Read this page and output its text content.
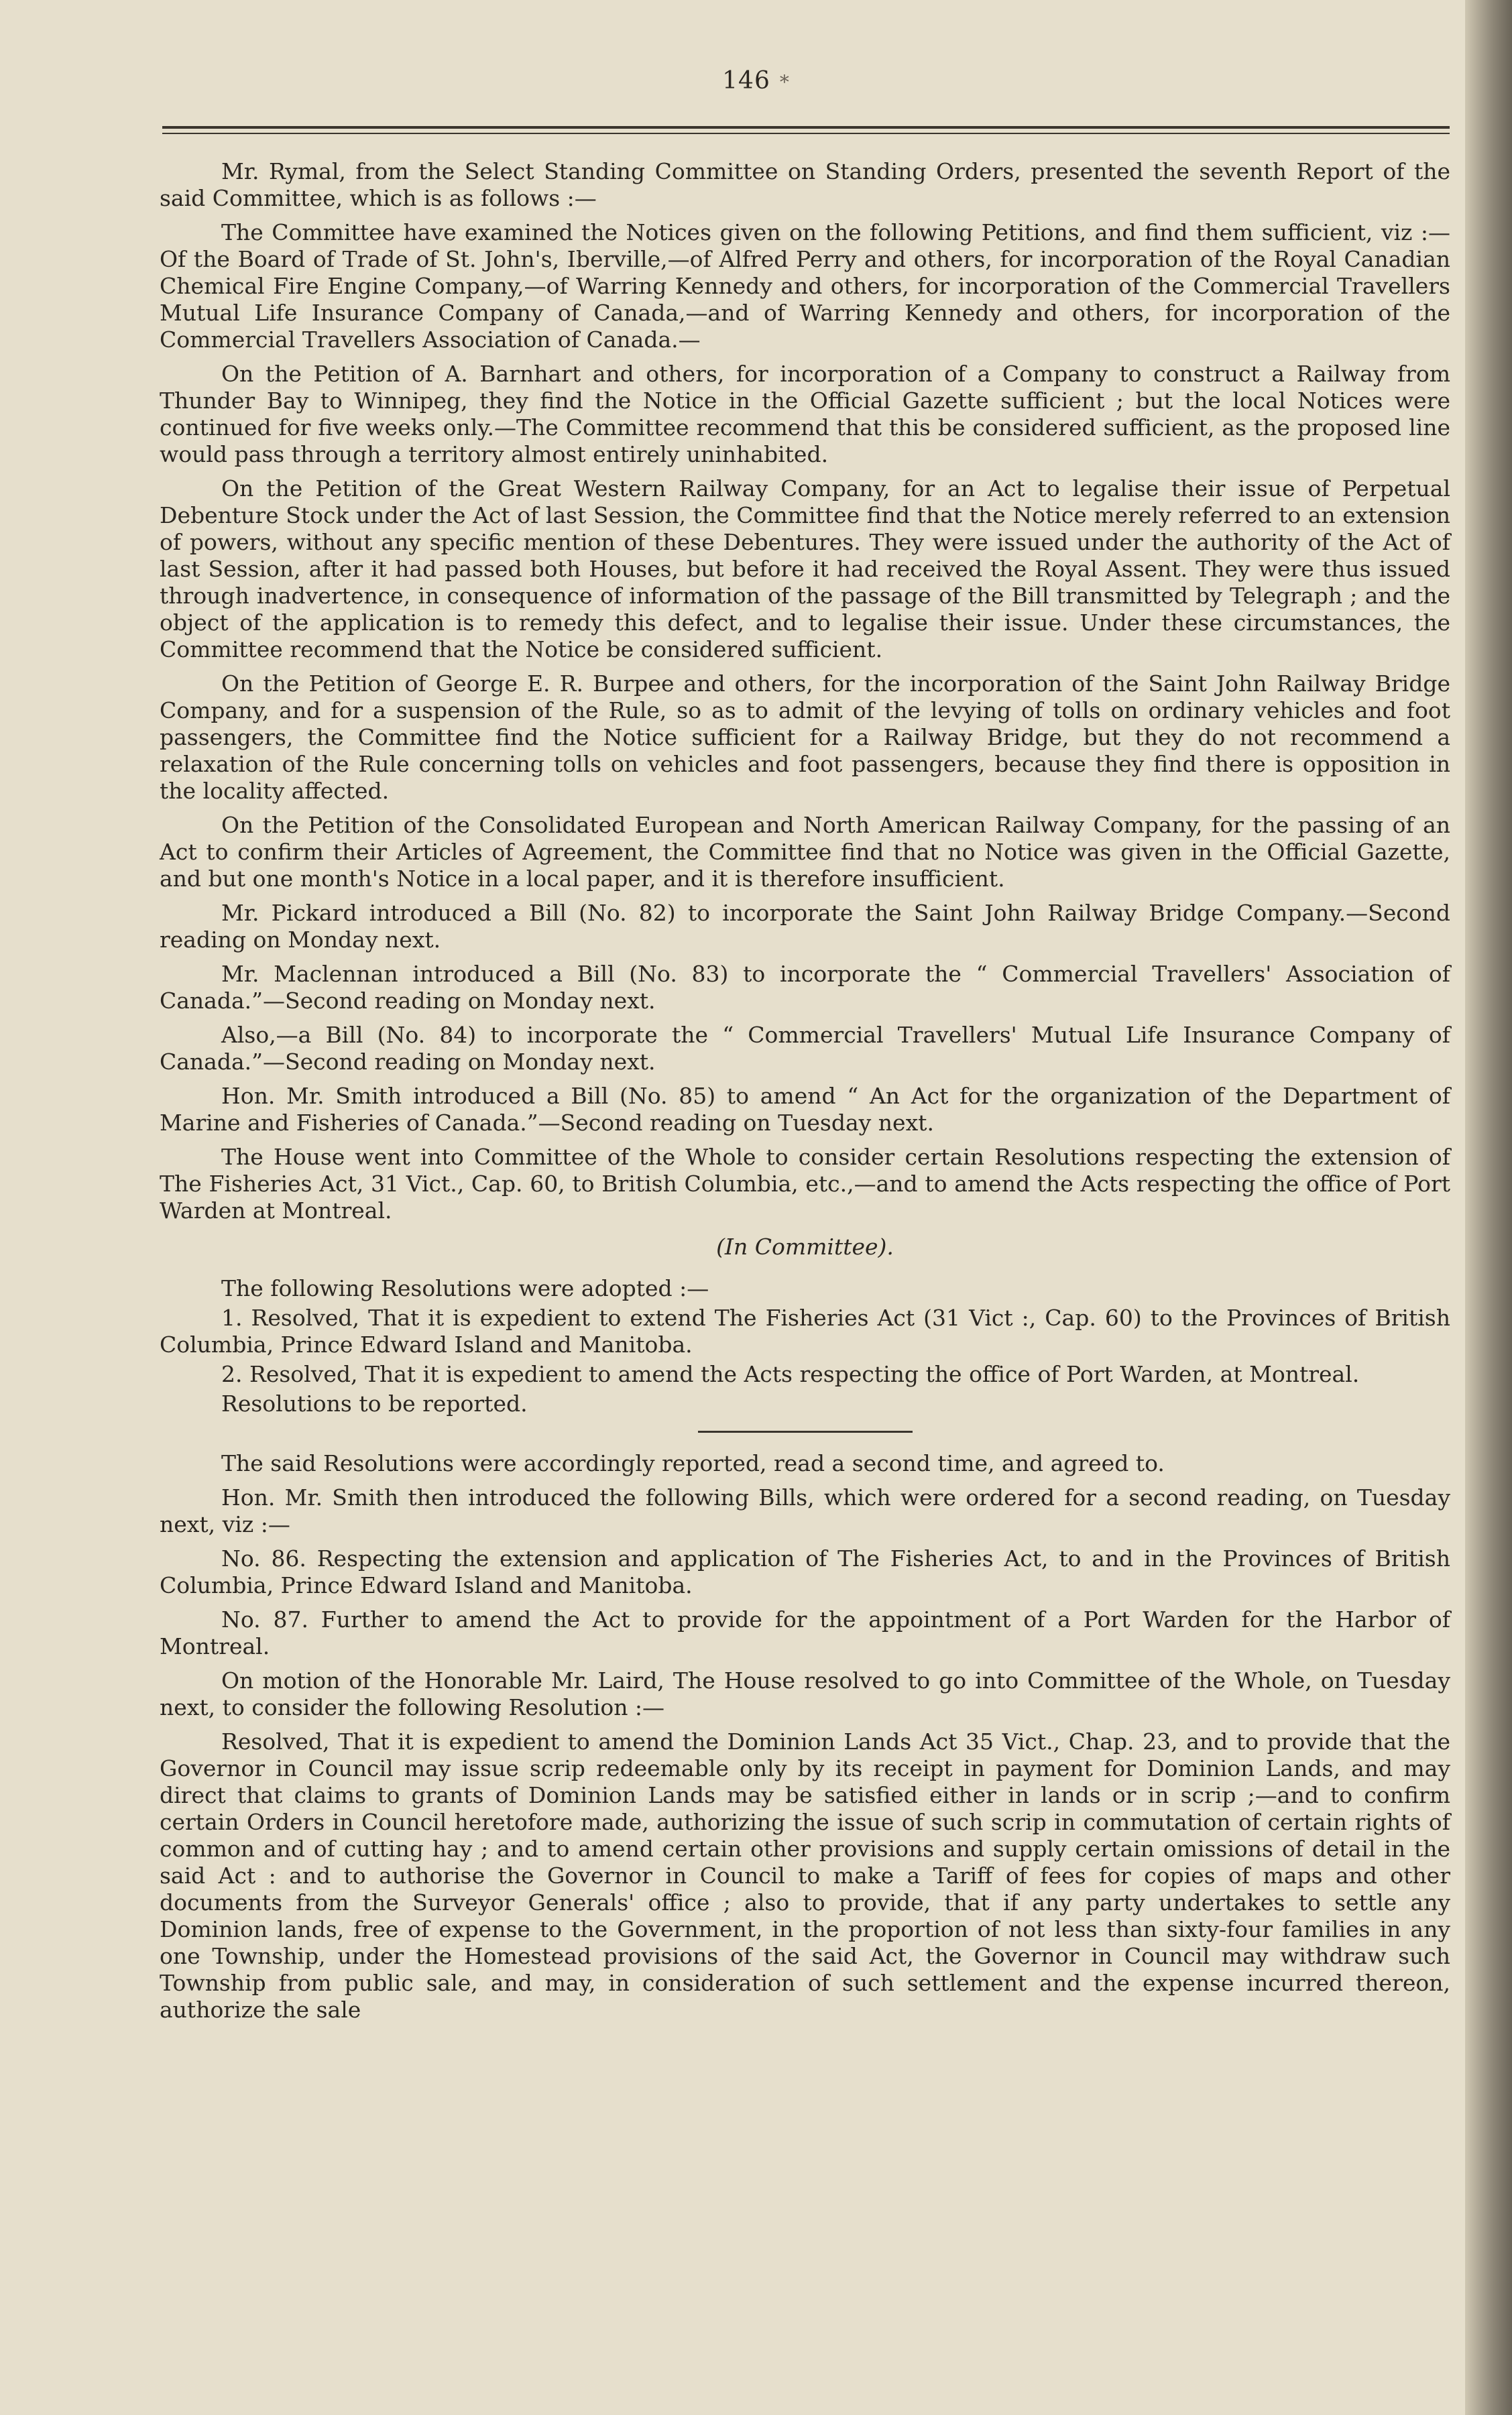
146 *

Mr. Rymal, from the Select Standing Committee on Standing Orders, presented the seventh Report of the said Committee, which is as follows :—

The Committee have examined the Notices given on the following Petitions, and find them sufficient, viz :— Of the Board of Trade of St. John's, Iberville,—of Alfred Perry and others, for incorporation of the Royal Canadian Chemical Fire Engine Company,—of Warring Kennedy and others, for incorporation of the Commercial Travellers Mutual Life Insurance Company of Canada,—and of Warring Kennedy and others, for incorporation of the Commercial Travellers Association of Canada.—

On the Petition of A. Barnhart and others, for incorporation of a Company to construct a Railway from Thunder Bay to Winnipeg, they find the Notice in the Official Gazette sufficient ; but the local Notices were continued for five weeks only.—The Committee recommend that this be considered sufficient, as the proposed line would pass through a territory almost entirely uninhabited.

On the Petition of the Great Western Railway Company, for an Act to legalise their issue of Perpetual Debenture Stock under the Act of last Session, the Committee find that the Notice merely referred to an extension of powers, without any specific mention of these Debentures. They were issued under the authority of the Act of last Session, after it had passed both Houses, but before it had received the Royal Assent. They were thus issued through inadvertence, in consequence of information of the passage of the Bill transmitted by Telegraph ; and the object of the application is to remedy this defect, and to legalise their issue. Under these circumstances, the Committee recommend that the Notice be considered sufficient.

On the Petition of George E. R. Burpee and others, for the incorporation of the Saint John Railway Bridge Company, and for a suspension of the Rule, so as to admit of the levying of tolls on ordinary vehicles and foot passengers, the Committee find the Notice sufficient for a Railway Bridge, but they do not recommend a relaxation of the Rule concerning tolls on vehicles and foot passengers, because they find there is opposition in the locality affected.

On the Petition of the Consolidated European and North American Railway Company, for the passing of an Act to confirm their Articles of Agreement, the Committee find that no Notice was given in the Official Gazette, and but one month's Notice in a local paper, and it is therefore insufficient.

Mr. Pickard introduced a Bill (No. 82) to incorporate the Saint John Railway Bridge Company.—Second reading on Monday next.

Mr. Maclennan introduced a Bill (No. 83) to incorporate the “ Commercial Travellers' Association of Canada.”—Second reading on Monday next.

Also,—a Bill (No. 84) to incorporate the “ Commercial Travellers' Mutual Life Insurance Company of Canada.”—Second reading on Monday next.

Hon. Mr. Smith introduced a Bill (No. 85) to amend “ An Act for the organization of the Department of Marine and Fisheries of Canada.”—Second reading on Tuesday next.

The House went into Committee of the Whole to consider certain Resolutions respecting the extension of The Fisheries Act, 31 Vict., Cap. 60, to British Columbia, etc.,—and to amend the Acts respecting the office of Port Warden at Montreal.

(In Committee).

The following Resolutions were adopted :—

1. Resolved, That it is expedient to extend The Fisheries Act (31 Vict :, Cap. 60) to the Provinces of British Columbia, Prince Edward Island and Manitoba.

2. Resolved, That it is expedient to amend the Acts respecting the office of Port Warden, at Montreal.

Resolutions to be reported.

The said Resolutions were accordingly reported, read a second time, and agreed to.

Hon. Mr. Smith then introduced the following Bills, which were ordered for a second reading, on Tuesday next, viz :—

No. 86. Respecting the extension and application of The Fisheries Act, to and in the Provinces of British Columbia, Prince Edward Island and Manitoba.

No. 87. Further to amend the Act to provide for the appointment of a Port Warden for the Harbor of Montreal.

On motion of the Honorable Mr. Laird, The House resolved to go into Committee of the Whole, on Tuesday next, to consider the following Resolution :—

Resolved, That it is expedient to amend the Dominion Lands Act 35 Vict., Chap. 23, and to provide that the Governor in Council may issue scrip redeemable only by its receipt in payment for Dominion Lands, and may direct that claims to grants of Dominion Lands may be satisfied either in lands or in scrip ;—and to confirm certain Orders in Council heretofore made, authorizing the issue of such scrip in commutation of certain rights of common and of cutting hay ; and to amend certain other provisions and supply certain omissions of detail in the said Act : and to authorise the Governor in Council to make a Tariff of fees for copies of maps and other documents from the Surveyor Generals' office ; also to provide, that if any party undertakes to settle any Dominion lands, free of expense to the Government, in the proportion of not less than sixty-four families in any one Township, under the Homestead provisions of the said Act, the Governor in Council may withdraw such Township from public sale, and may, in consideration of such settlement and the expense incurred thereon, authorize the sale
